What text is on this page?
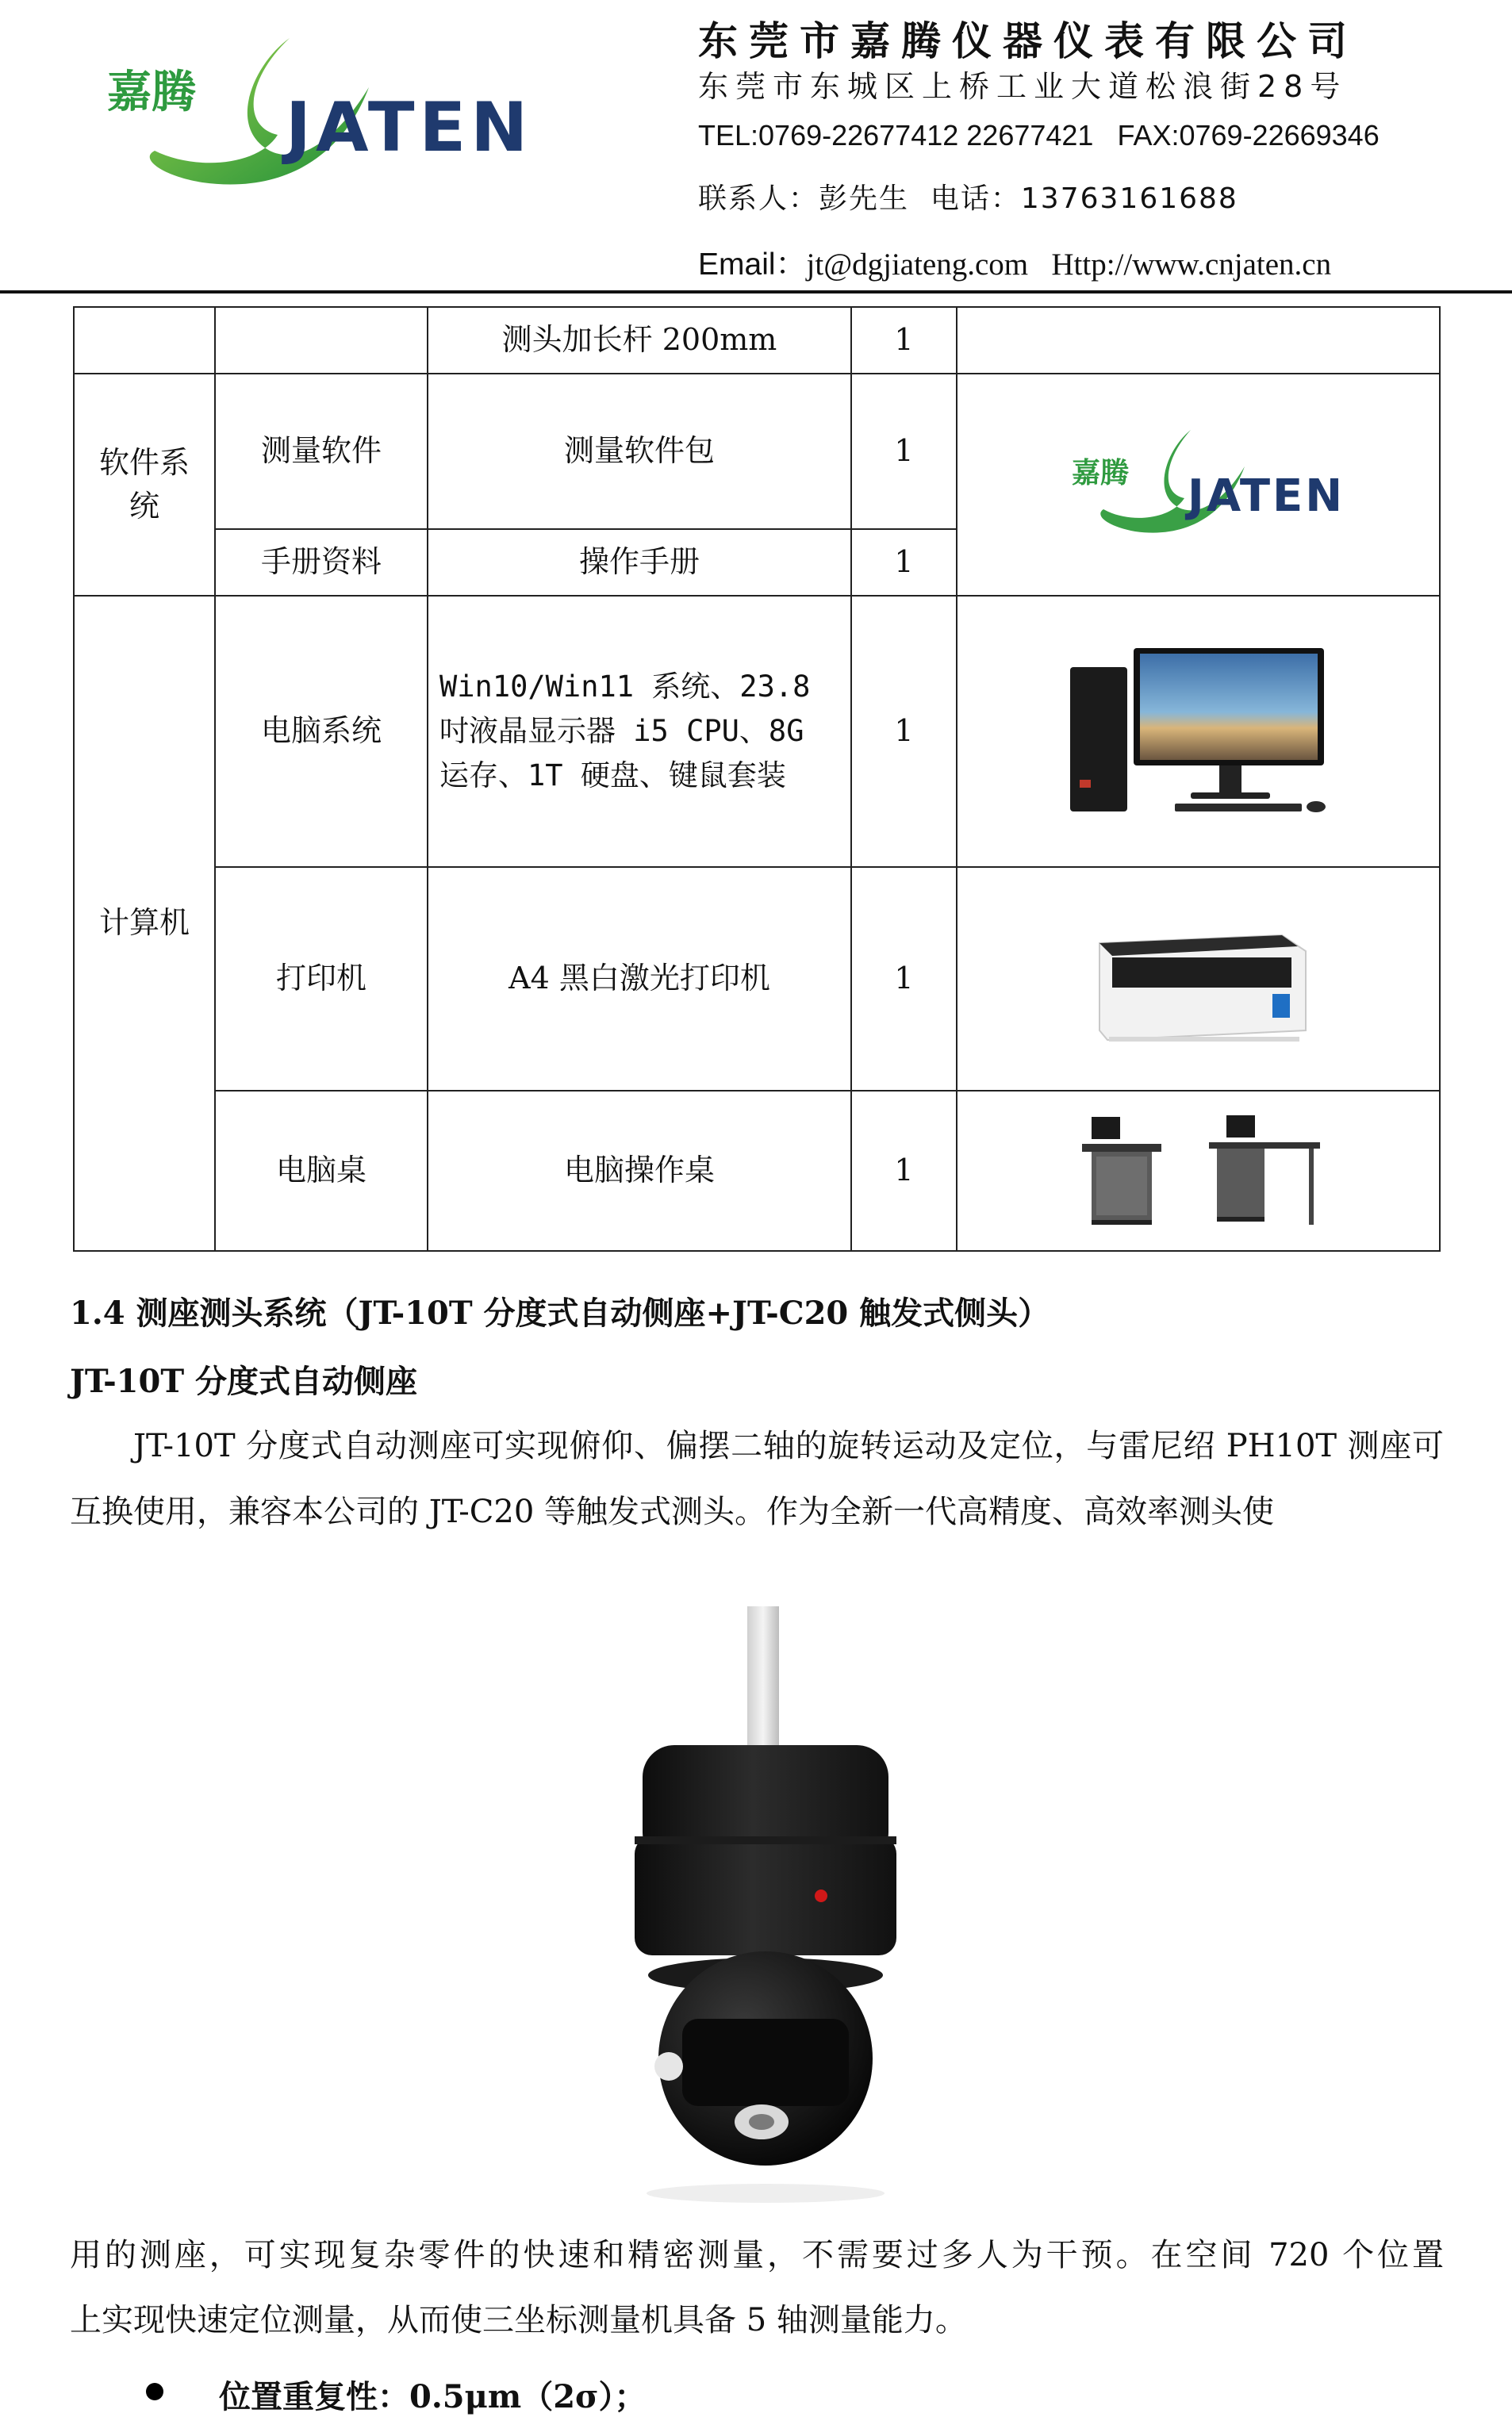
嘉腾 JATEN
东莞市嘉腾仪器仪表有限公司
东莞市东城区上桥工业大道松浪街28号
TEL:0769-22677412 22677421   FAX:0769-22669346
联系人：彭先生  电话：13763161688
Email：jt@dgjiateng.com   Http://www.cnjaten.cn
		测头加长杆 200mm	1	
软件系统	测量软件	测量软件包	1	嘉腾 JATEN

	手册资料	操作手册	1	
计算机	电脑系统	Win10/Win11 系统、23.8 吋液晶显示器 i5 CPU、8G 运存、1T 硬盘、键鼠套装	1	

	打印机	A4 黑白激光打印机	1	

	电脑桌	电脑操作桌	1	
1.4 测座测头系统（JT-10T 分度式自动侧座+JT-C20 触发式侧头）
JT-10T 分度式自动侧座
JT-10T 分度式自动测座可实现俯仰、偏摆二轴的旋转运动及定位，与雷尼绍 PH10T 测座可互换使用，兼容本公司的 JT-C20 等触发式测头。作为全新一代高精度、高效率测头使
用的测座，可实现复杂零件的快速和精密测量，不需要过多人为干预。在空间 720 个位置
上实现快速定位测量，从而使三坐标测量机具备 5 轴测量能力。
位置重复性：0.5μm（2σ）；
